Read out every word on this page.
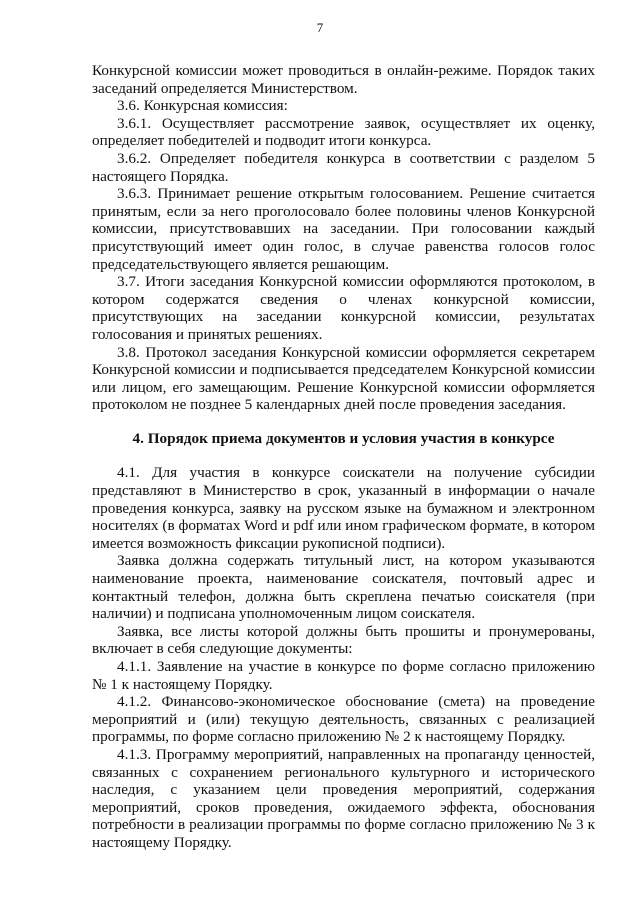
7

Конкурсной комиссии может проводиться в онлайн-режиме. Порядок таких заседаний определяется Министерством.

3.6. Конкурсная комиссия:

3.6.1. Осуществляет рассмотрение заявок, осуществляет их оценку, определяет победителей и подводит итоги конкурса.

3.6.2. Определяет победителя конкурса в соответствии с разделом 5 настоящего Порядка.

3.6.3. Принимает решение открытым голосованием. Решение считается принятым, если за него проголосовало более половины членов Конкурсной комиссии, присутствовавших на заседании. При голосовании каждый присутствующий имеет один голос, в случае равенства голосов голос председательствующего является решающим.

3.7. Итоги заседания Конкурсной комиссии оформляются протоколом, в котором содержатся сведения о членах конкурсной комиссии, присутствующих на заседании конкурсной комиссии, результатах голосования и принятых решениях.

3.8. Протокол заседания Конкурсной комиссии оформляется секретарем Конкурсной комиссии и подписывается председателем Конкурсной комиссии или лицом, его замещающим. Решение Конкурсной комиссии оформляется протоколом не позднее 5 календарных дней после проведения заседания.

4. Порядок приема документов и условия участия в конкурсе

4.1. Для участия в конкурсе соискатели на получение субсидии представляют в Министерство в срок, указанный в информации о начале проведения конкурса, заявку на русском языке на бумажном и электронном носителях (в форматах Word и pdf или ином графическом формате, в котором имеется возможность фиксации рукописной подписи).

Заявка должна содержать титульный лист, на котором указываются наименование проекта, наименование соискателя, почтовый адрес и контактный телефон, должна быть скреплена печатью соискателя (при наличии) и подписана уполномоченным лицом соискателя.

Заявка, все листы которой должны быть прошиты и пронумерованы, включает в себя следующие документы:

4.1.1. Заявление на участие в конкурсе по форме согласно приложению № 1 к настоящему Порядку.

4.1.2. Финансово-экономическое обоснование (смета) на проведение мероприятий и (или) текущую деятельность, связанных с реализацией программы, по форме согласно приложению № 2 к настоящему Порядку.

4.1.3. Программу мероприятий, направленных на пропаганду ценностей, связанных с сохранением регионального культурного и исторического наследия, с указанием цели проведения мероприятий, содержания мероприятий, сроков проведения, ожидаемого эффекта, обоснования потребности в реализации программы по форме согласно приложению № 3 к настоящему Порядку.
